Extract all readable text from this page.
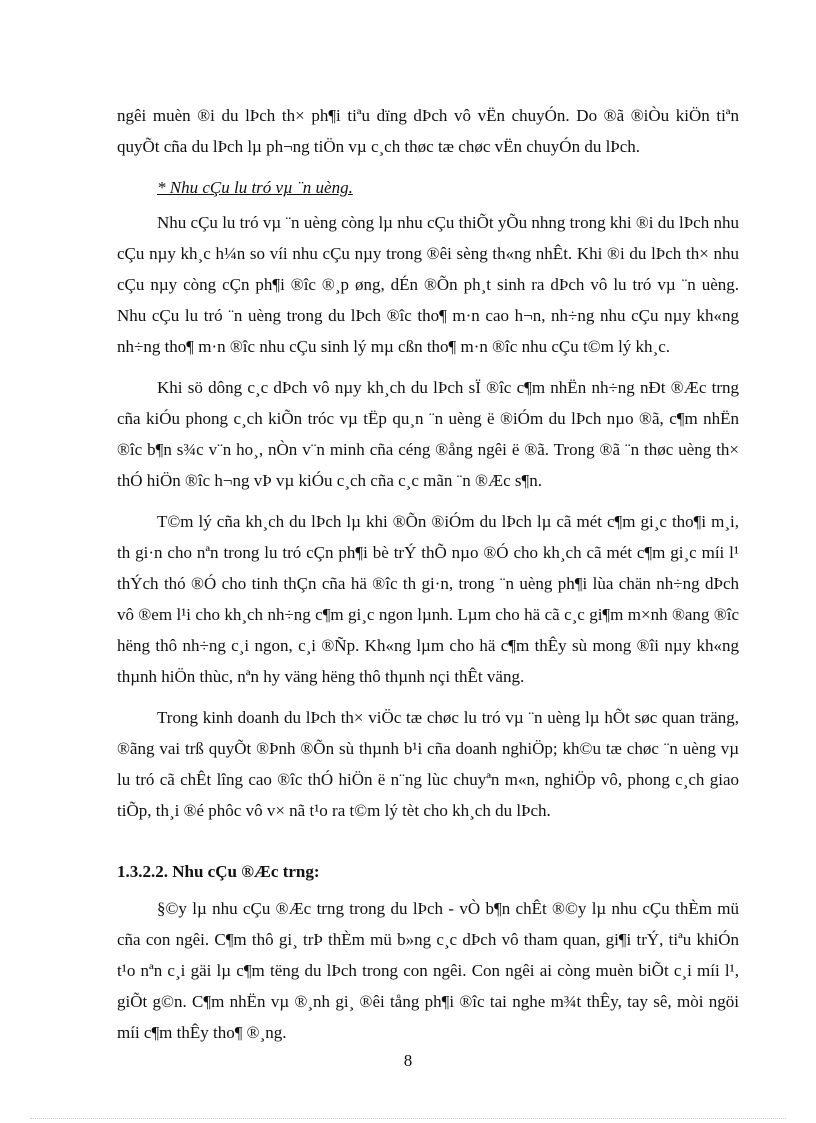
ngêi muèn ®i du lÞch th× ph¶i tiªu dïng dÞch vô vËn chuyÓn. Do ®ã ®iÒu kiÖn tiªn quyÕt cña du lÞch lµ ph¬ng tiÖn vµ c¸ch thøc tæ chøc vËn chuyÓn du lÞch.

* Nhu cÇu lu tró vµ ¨n uèng.

Nhu cÇu lu tró vµ ¨n uèng còng lµ nhu cÇu thiÕt yÕu nhng trong khi ®i du lÞch nhu cÇu nµy kh¸c h¼n so víi nhu cÇu nµy trong ®êi sèng th«ng nhÊt. Khi ®i du lÞch th× nhu cÇu nµy còng cÇn ph¶i ®îc ®¸p øng, dÉn ®Õn ph¸t sinh ra dÞch vô lu tró vµ ¨n uèng. Nhu cÇu lu tró ¨n uèng trong du lÞch ®îc tho¶ m·n cao h¬n, nh÷ng nhu cÇu nµy kh«ng nh÷ng tho¶ m·n ®îc nhu cÇu sinh lý mµ cßn tho¶ m·n ®îc nhu cÇu t©m lý kh¸c.

Khi sö dông c¸c dÞch vô nµy kh¸ch du lÞch sÏ ®îc c¶m nhËn nh÷ng nÐt ®Æc trng cña kiÓu phong c¸ch kiÕn tróc vµ tËp qu¸n ¨n uèng ë ®iÓm du lÞch nµo ®ã, c¶m nhËn ®îc b¶n s¾c v¨n ho¸, nÒn v¨n minh cña céng ®ång ngêi ë ®ã. Trong ®ã ¨n thøc uèng th× thÓ hiÖn ®îc h¬ng vÞ vµ kiÓu c¸ch cña c¸c mãn ¨n ®Æc s¶n.

T©m lý cña kh¸ch du lÞch lµ khi ®Õn ®iÓm du lÞch lµ cã mét c¶m gi¸c tho¶i m¸i, th gi·n cho nªn trong lu tró cÇn ph¶i bè trÝ thÕ nµo ®Ó cho kh¸ch cã mét c¶m gi¸c míi l¹ thÝch thó ®Ó cho tinh thÇn cña hä ®îc th gi·n, trong ¨n uèng ph¶i lùa chän nh÷ng dÞch vô ®em l¹i cho kh¸ch nh÷ng c¶m gi¸c ngon lµnh. Lµm cho hä cã c¸c gi¶m m×nh ®ang ®îc hëng thô nh÷ng c¸i ngon, c¸i ®Ñp. Kh«ng lµm cho hä c¶m thÊy sù mong ®îi nµy kh«ng thµnh hiÖn thùc, nªn hy väng hëng thô thµnh nçi thÊt väng.

Trong kinh doanh du lÞch th× viÖc tæ chøc lu tró vµ ¨n uèng lµ hÕt søc quan träng, ®ãng vai trß quyÕt ®Þnh ®Õn sù thµnh b¹i cña doanh nghiÖp; kh©u tæ chøc ¨n uèng vµ lu tró cã chÊt lîng cao ®îc thÓ hiÖn ë n¨ng lùc chuyªn m«n, nghiÖp vô, phong c¸ch giao tiÕp, th¸i ®é phôc vô v× nã t¹o ra t©m lý tèt cho kh¸ch du lÞch.

1.3.2.2. Nhu cÇu ®Æc trng:

§©y lµ nhu cÇu ®Æc trng trong du lÞch - vÒ b¶n chÊt ®©y lµ nhu cÇu thÈm mü cña con ngêi. C¶m thô gi¸ trÞ thÈm mü b»ng c¸c dÞch vô tham quan, gi¶i trÝ, tiªu khiÓn t¹o nªn c¸i gäi lµ c¶m tëng du lÞch trong con ngêi. Con ngêi ai còng muèn biÕt c¸i míi l¹, giÕt g©n. C¶m nhËn vµ ®¸nh gi¸ ®êi tång ph¶i ®îc tai nghe m¾t thÊy, tay sê, mòi ngöi míi c¶m thÊy tho¶ ®¸ng.

8
